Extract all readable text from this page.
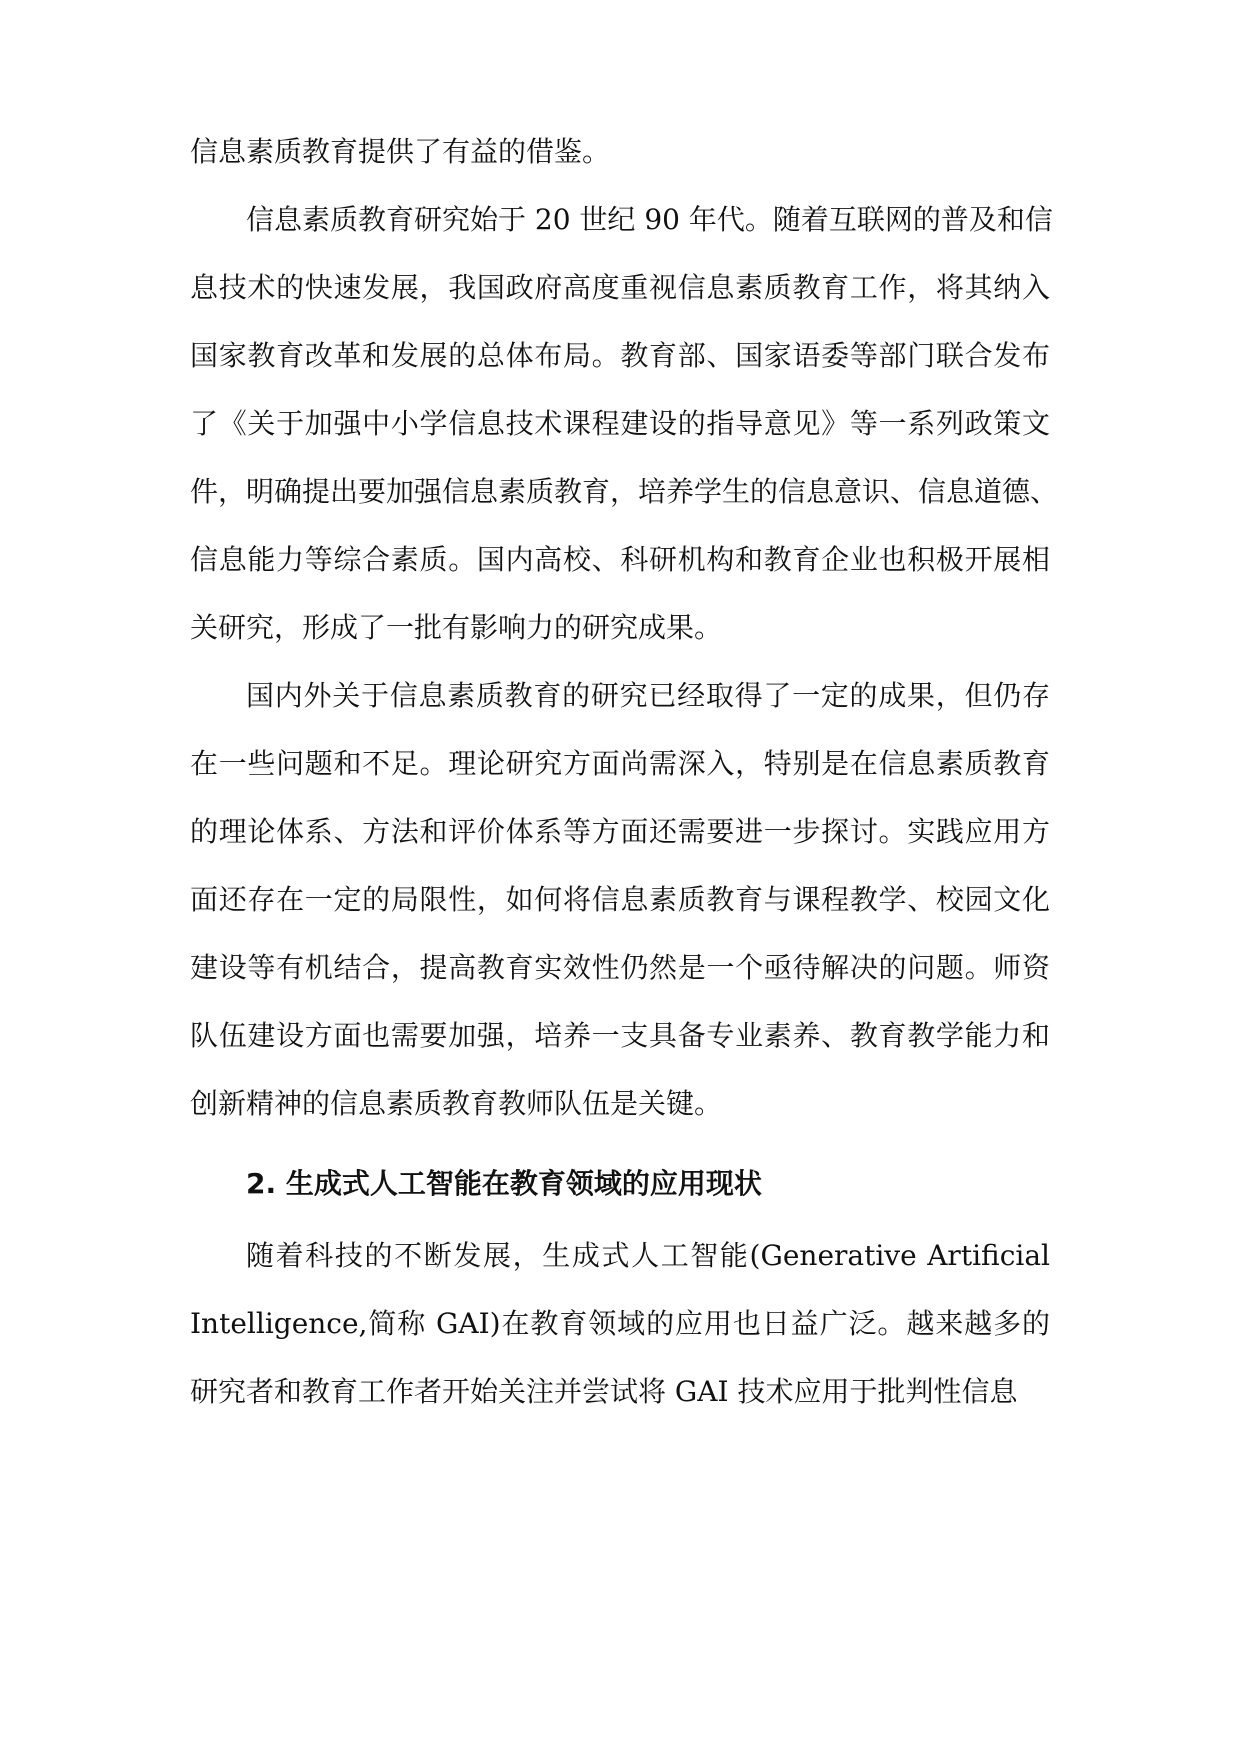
信息素质教育提供了有益的借鉴。
信息素质教育研究始于 20 世纪 90 年代。随着互联网的普及和信
息技术的快速发展，我国政府高度重视信息素质教育工作，将其纳入
国家教育改革和发展的总体布局。教育部、国家语委等部门联合发布
了《关于加强中小学信息技术课程建设的指导意见》等一系列政策文
件，明确提出要加强信息素质教育，培养学生的信息意识、信息道德、
信息能力等综合素质。国内高校、科研机构和教育企业也积极开展相
关研究，形成了一批有影响力的研究成果。
国内外关于信息素质教育的研究已经取得了一定的成果，但仍存
在一些问题和不足。理论研究方面尚需深入，特别是在信息素质教育
的理论体系、方法和评价体系等方面还需要进一步探讨。实践应用方
面还存在一定的局限性，如何将信息素质教育与课程教学、校园文化
建设等有机结合，提高教育实效性仍然是一个亟待解决的问题。师资
队伍建设方面也需要加强，培养一支具备专业素养、教育教学能力和
创新精神的信息素质教育教师队伍是关键。
2. 生成式人工智能在教育领域的应用现状
随着科技的不断发展，生成式人工智能(Generative Artificial
Intelligence,简称 GAI)在教育领域的应用也日益广泛。越来越多的
研究者和教育工作者开始关注并尝试将 GAI 技术应用于批判性信息
